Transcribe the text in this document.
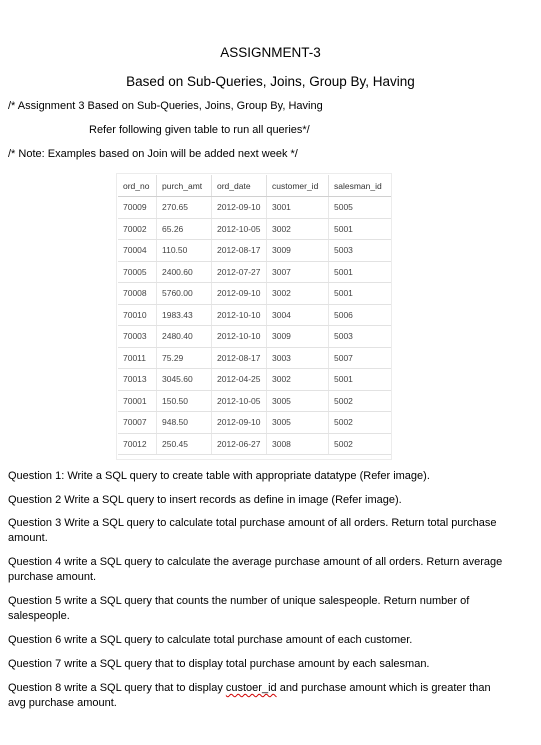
ASSIGNMENT-3
Based on Sub-Queries, Joins, Group By, Having
/* Assignment 3 Based on Sub-Queries, Joins, Group By, Having
Refer following given table to run all queries*/
/* Note: Examples based on Join will be added next week */
ord_no	purch_amt	ord_date	customer_id	salesman_id
70009	270.65	2012-09-10	3001	5005
70002	65.26	2012-10-05	3002	5001
70004	110.50	2012-08-17	3009	5003
70005	2400.60	2012-07-27	3007	5001
70008	5760.00	2012-09-10	3002	5001
70010	1983.43	2012-10-10	3004	5006
70003	2480.40	2012-10-10	3009	5003
70011	75.29	2012-08-17	3003	5007
70013	3045.60	2012-04-25	3002	5001
70001	150.50	2012-10-05	3005	5002
70007	948.50	2012-09-10	3005	5002
70012	250.45	2012-06-27	3008	5002
Question 1: Write a SQL query to create table with appropriate datatype (Refer image).
Question 2 Write a SQL query to insert records as define in image (Refer image).
Question 3 Write a SQL query to calculate total purchase amount of all orders. Return total purchase amount.
Question 4 write a SQL query to calculate the average purchase amount of all orders. Return average purchase amount.
Question 5 write a SQL query that counts the number of unique salespeople. Return number of salespeople.
Question 6 write a SQL query to calculate total purchase amount of each customer.
Question 7 write a SQL query that to display total purchase amount by each salesman.
Question 8 write a SQL query that to display custoer_id and purchase amount which is greater than avg purchase amount.
